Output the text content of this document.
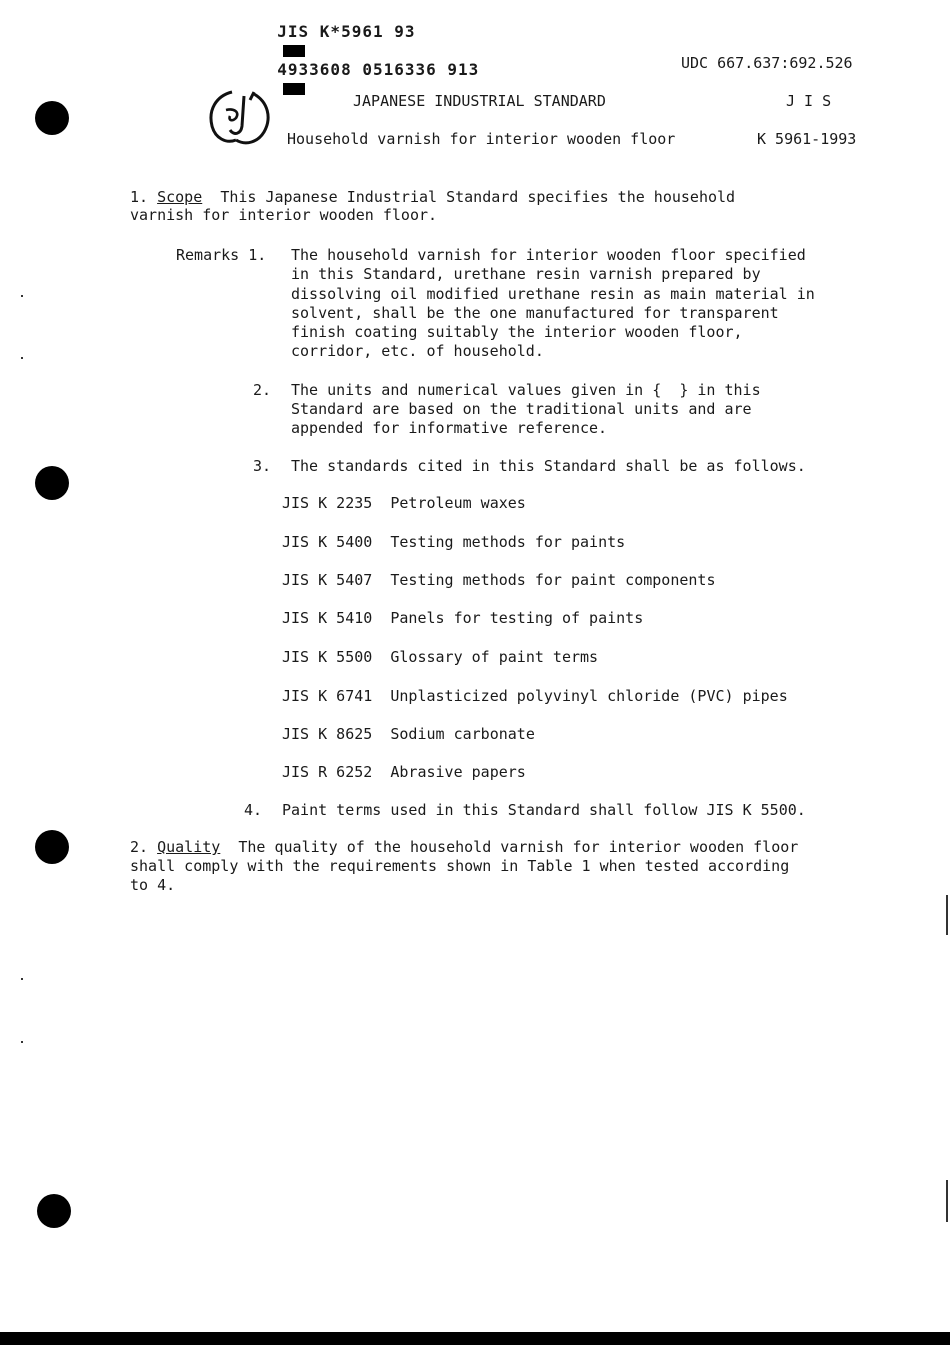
JIS K*5961 93

4933608 0516336 913
	UDC 667.637:692.526
JAPANESE INDUSTRIAL STANDARD	J I S
Household varnish for interior wooden floor	K 5961-1993
1. Scope This Japanese Industrial Standard specifies the household
varnish for interior wooden floor.
Remarks 1. The household varnish for interior wooden floor specified
in this Standard, urethane resin varnish prepared by
dissolving oil modified urethane resin as main material in
solvent, shall be the one manufactured for transparent
finish coating suitably the interior wooden floor,
corridor, etc. of household.
2. The units and numerical values given in {  } in this
Standard are based on the traditional units and are
appended for informative reference.
3. The standards cited in this Standard shall be as follows.
JIS K 2235 Petroleum waxes
JIS K 5400 Testing methods for paints
JIS K 5407 Testing methods for paint components
JIS K 5410 Panels for testing of paints
JIS K 5500 Glossary of paint terms
JIS K 6741 Unplasticized polyvinyl chloride (PVC) pipes
JIS K 8625 Sodium carbonate
JIS R 6252 Abrasive papers
4. Paint terms used in this Standard shall follow JIS K 5500.
2. Quality The quality of the household varnish for interior wooden floor
shall comply with the requirements shown in Table 1 when tested according
to 4.
